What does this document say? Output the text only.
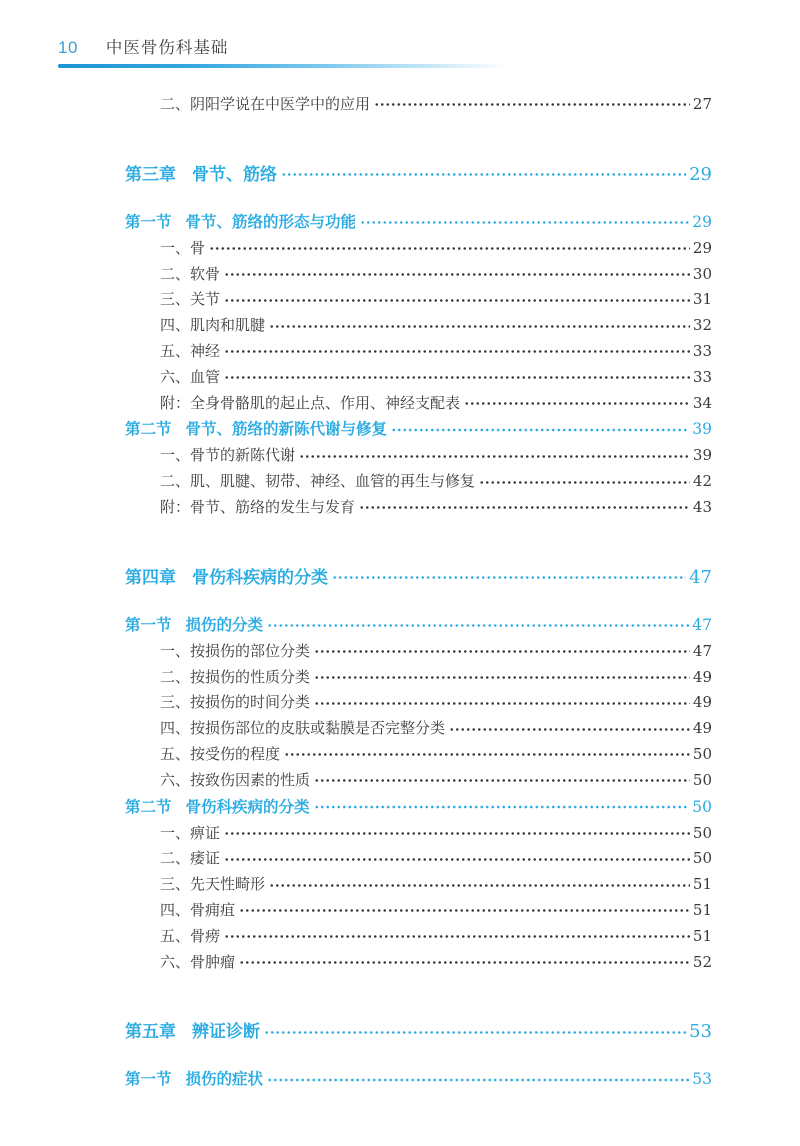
10 中医骨伤科基础
二、阴阳学说在中医学中的应用	27
第三章 骨节、筋络	29
第一节 骨节、筋络的形态与功能	29
一、骨	29
二、软骨	30
三、关节	31
四、肌肉和肌腱	32
五、神经	33
六、血管	33
附：全身骨骼肌的起止点、作用、神经支配表	34
第二节 骨节、筋络的新陈代谢与修复	39
一、骨节的新陈代谢	39
二、肌、肌腱、韧带、神经、血管的再生与修复	42
附：骨节、筋络的发生与发育	43
第四章 骨伤科疾病的分类	47
第一节 损伤的分类	47
一、按损伤的部位分类	47
二、按损伤的性质分类	49
三、按损伤的时间分类	49
四、按损伤部位的皮肤或黏膜是否完整分类	49
五、按受伤的程度	50
六、按致伤因素的性质	50
第二节 骨伤科疾病的分类	50
一、痹证	50
二、痿证	50
三、先天性畸形	51
四、骨痈疽	51
五、骨痨	51
六、骨肿瘤	52
第五章 辨证诊断	53
第一节 损伤的症状	53
